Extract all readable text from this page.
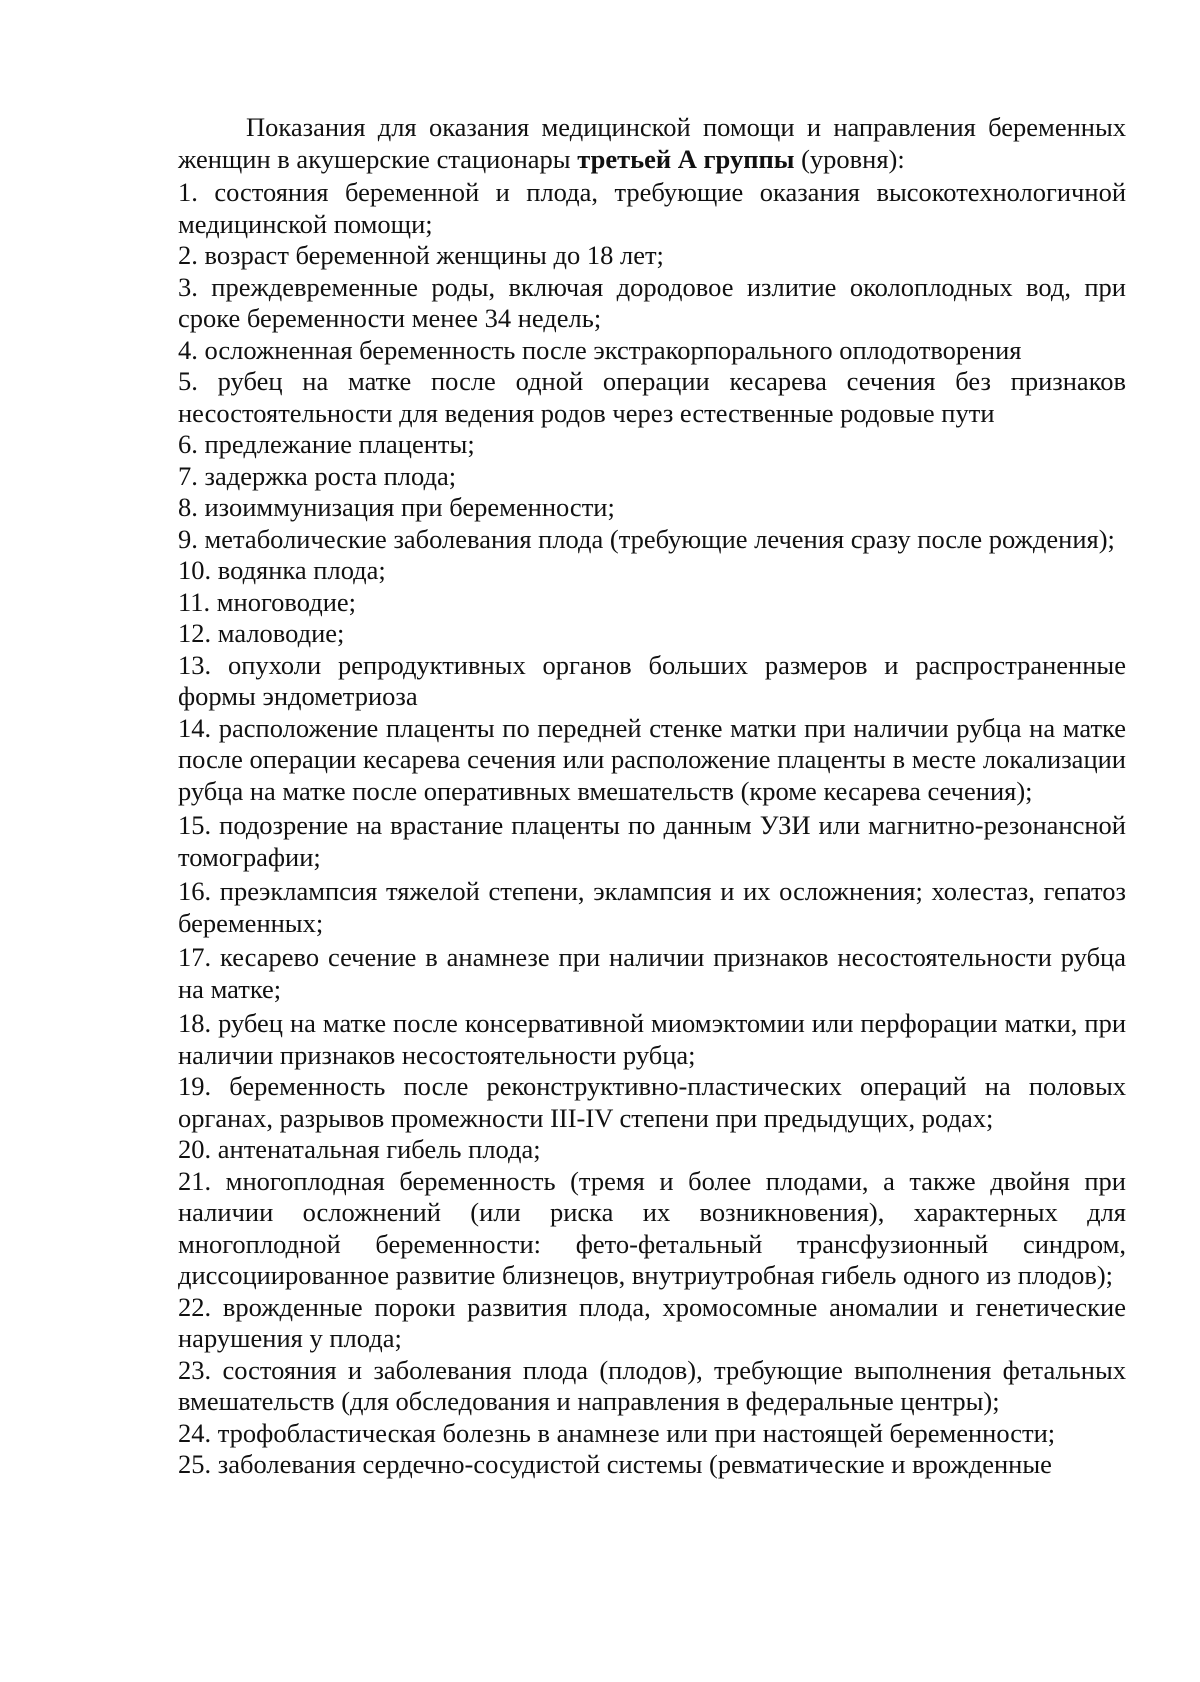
Показания для оказания медицинской помощи и направления беременных женщин в акушерские стационары третьей А группы (уровня):

1. состояния беременной и плода, требующие оказания высокотехнологичной медицинской помощи;

2. возраст беременной женщины до 18 лет;

3. преждевременные роды, включая дородовое излитие околоплодных вод, при сроке беременности менее 34 недель;

4. осложненная беременность после экстракорпорального оплодотворения

5. рубец на матке после одной операции кесарева сечения без признаков несостоятельности для ведения родов через естественные родовые пути

6. предлежание плаценты;

7. задержка роста плода;

8. изоиммунизация при беременности;

9. метаболические заболевания плода (требующие лечения сразу после рождения);

10. водянка плода;

11. многоводие;

12. маловодие;

13. опухоли репродуктивных органов больших размеров и распространенные формы эндометриоза

14. расположение плаценты по передней стенке матки при наличии рубца на матке после операции кесарева сечения или расположение плаценты в месте локализации рубца на матке после оперативных вмешательств (кроме кесарева сечения);

15. подозрение на врастание плаценты по данным УЗИ или магнитно-резонансной томографии;

16. преэклампсия тяжелой степени, эклампсия и их осложнения; холестаз, гепатоз беременных;

17. кесарево сечение в анамнезе при наличии признаков несостоятельности рубца на матке;

18. рубец на матке после консервативной миомэктомии или перфорации матки, при наличии признаков несостоятельности рубца;

19. беременность после реконструктивно-пластических операций на половых органах, разрывов промежности III-IV степени при предыдущих, родах;

20. антенатальная гибель плода;

21. многоплодная беременность (тремя и более плодами, а также двойня при наличии осложнений (или риска их возникновения), характерных для многоплодной беременности: фето-фетальный трансфузионный синдром, диссоциированное развитие близнецов, внутриутробная гибель одного из плодов);

22. врожденные пороки развития плода, хромосомные аномалии и генетические нарушения у плода;

23. состояния и заболевания плода (плодов), требующие выполнения фетальных вмешательств (для обследования и направления в федеральные центры);

24. трофобластическая болезнь в анамнезе или при настоящей беременности;

25. заболевания сердечно-сосудистой системы (ревматические и врожденные
